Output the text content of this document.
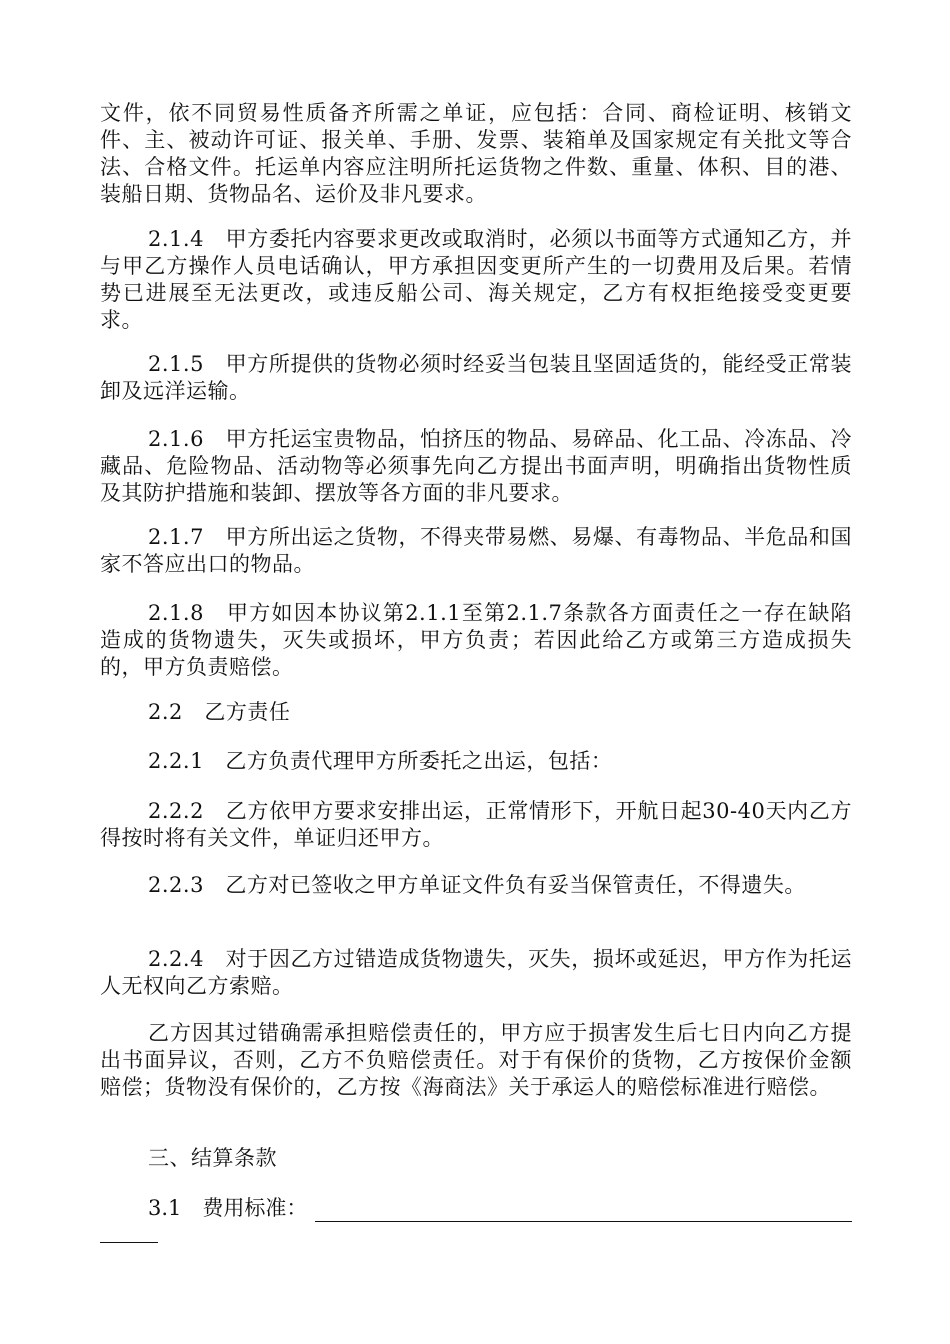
文件，依不同贸易性质备齐所需之单证，应包括：合同、商检证明、核销文件、主、被动许可证、报关单、手册、发票、装箱单及国家规定有关批文等合法、合格文件。托运单内容应注明所托运货物之件数、重量、体积、目的港、装船日期、货物品名、运价及非凡要求。

2.1.4　甲方委托内容要求更改或取消时，必须以书面等方式通知乙方，并与甲乙方操作人员电话确认，甲方承担因变更所产生的一切费用及后果。若情势已进展至无法更改，或违反船公司、海关规定，乙方有权拒绝接受变更要求。

2.1.5　甲方所提供的货物必须时经妥当包装且坚固适货的，能经受正常装卸及远洋运输。

2.1.6　甲方托运宝贵物品，怕挤压的物品、易碎品、化工品、冷冻品、冷藏品、危险物品、活动物等必须事先向乙方提出书面声明，明确指出货物性质及其防护措施和装卸、摆放等各方面的非凡要求。

2.1.7　甲方所出运之货物，不得夹带易燃、易爆、有毒物品、半危品和国家不答应出口的物品。

2.1.8　甲方如因本协议第2.1.1至第2.1.7条款各方面责任之一存在缺陷造成的货物遗失，灭失或损坏，甲方负责；若因此给乙方或第三方造成损失的，甲方负责赔偿。

2.2　乙方责任

2.2.1　乙方负责代理甲方所委托之出运，包括：

2.2.2　乙方依甲方要求安排出运，正常情形下，开航日起30-40天内乙方得按时将有关文件，单证归还甲方。

2.2.3　乙方对已签收之甲方单证文件负有妥当保管责任，不得遗失。

2.2.4　对于因乙方过错造成货物遗失，灭失，损坏或延迟，甲方作为托运人无权向乙方索赔。

乙方因其过错确需承担赔偿责任的，甲方应于损害发生后七日内向乙方提出书面异议，否则，乙方不负赔偿责任。对于有保价的货物，乙方按保价金额赔偿；货物没有保价的，乙方按《海商法》关于承运人的赔偿标准进行赔偿。

三、结算条款

3.1　费用标准：
